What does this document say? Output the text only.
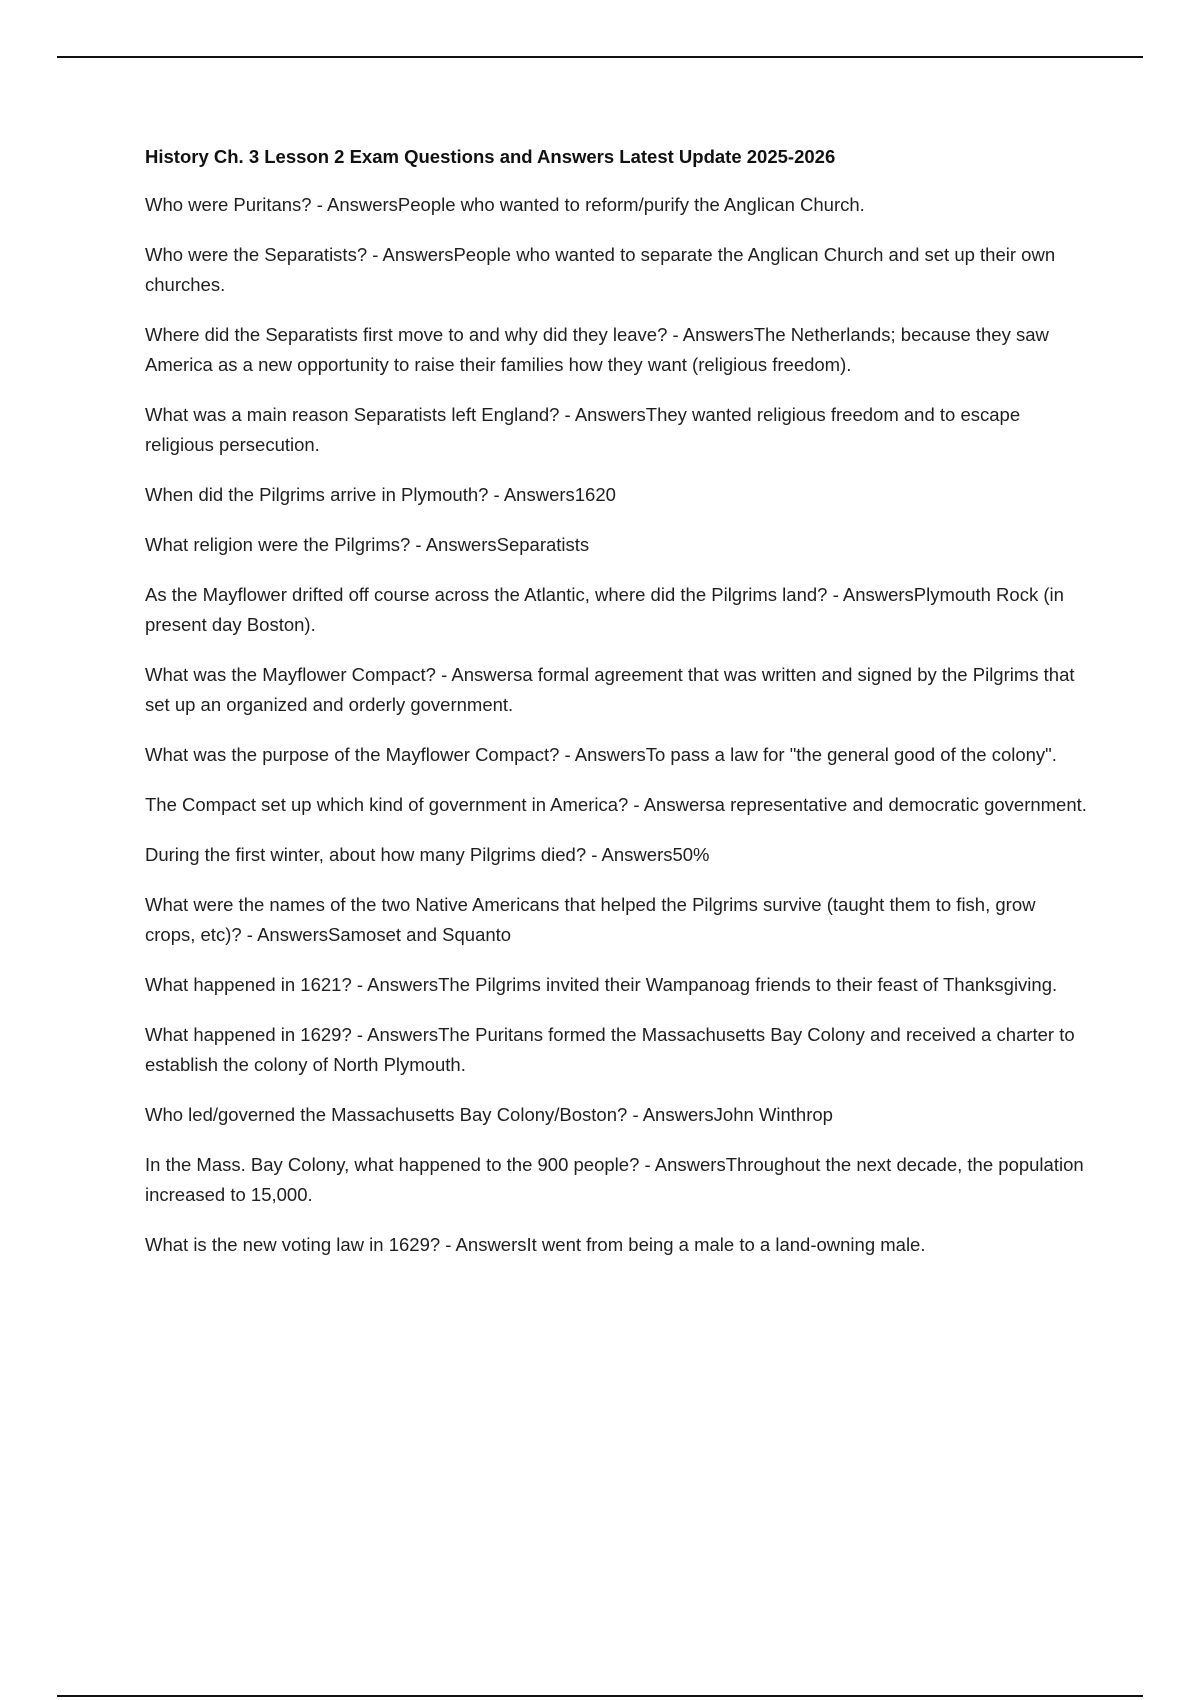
History Ch. 3 Lesson 2 Exam Questions and Answers Latest Update 2025-2026
Who were Puritans? - AnswersPeople who wanted to reform/purify the Anglican Church.
Who were the Separatists? - AnswersPeople who wanted to separate the Anglican Church and set up their own churches.
Where did the Separatists first move to and why did they leave? - AnswersThe Netherlands; because they saw America as a new opportunity to raise their families how they want (religious freedom).
What was a main reason Separatists left England? - AnswersThey wanted religious freedom and to escape religious persecution.
When did the Pilgrims arrive in Plymouth? - Answers1620
What religion were the Pilgrims? - AnswersSeparatists
As the Mayflower drifted off course across the Atlantic, where did the Pilgrims land? - AnswersPlymouth Rock (in present day Boston).
What was the Mayflower Compact? - Answersa formal agreement that was written and signed by the Pilgrims that set up an organized and orderly government.
What was the purpose of the Mayflower Compact? - AnswersTo pass a law for "the general good of the colony".
The Compact set up which kind of government in America? - Answersa representative and democratic government.
During the first winter, about how many Pilgrims died? - Answers50%
What were the names of the two Native Americans that helped the Pilgrims survive (taught them to fish, grow crops, etc)? - AnswersSamoset and Squanto
What happened in 1621? - AnswersThe Pilgrims invited their Wampanoag friends to their feast of Thanksgiving.
What happened in 1629? - AnswersThe Puritans formed the Massachusetts Bay Colony and received a charter to establish the colony of North Plymouth.
Who led/governed the Massachusetts Bay Colony/Boston? - AnswersJohn Winthrop
In the Mass. Bay Colony, what happened to the 900 people? - AnswersThroughout the next decade, the population increased to 15,000.
What is the new voting law in 1629? - AnswersIt went from being a male to a land-owning male.
